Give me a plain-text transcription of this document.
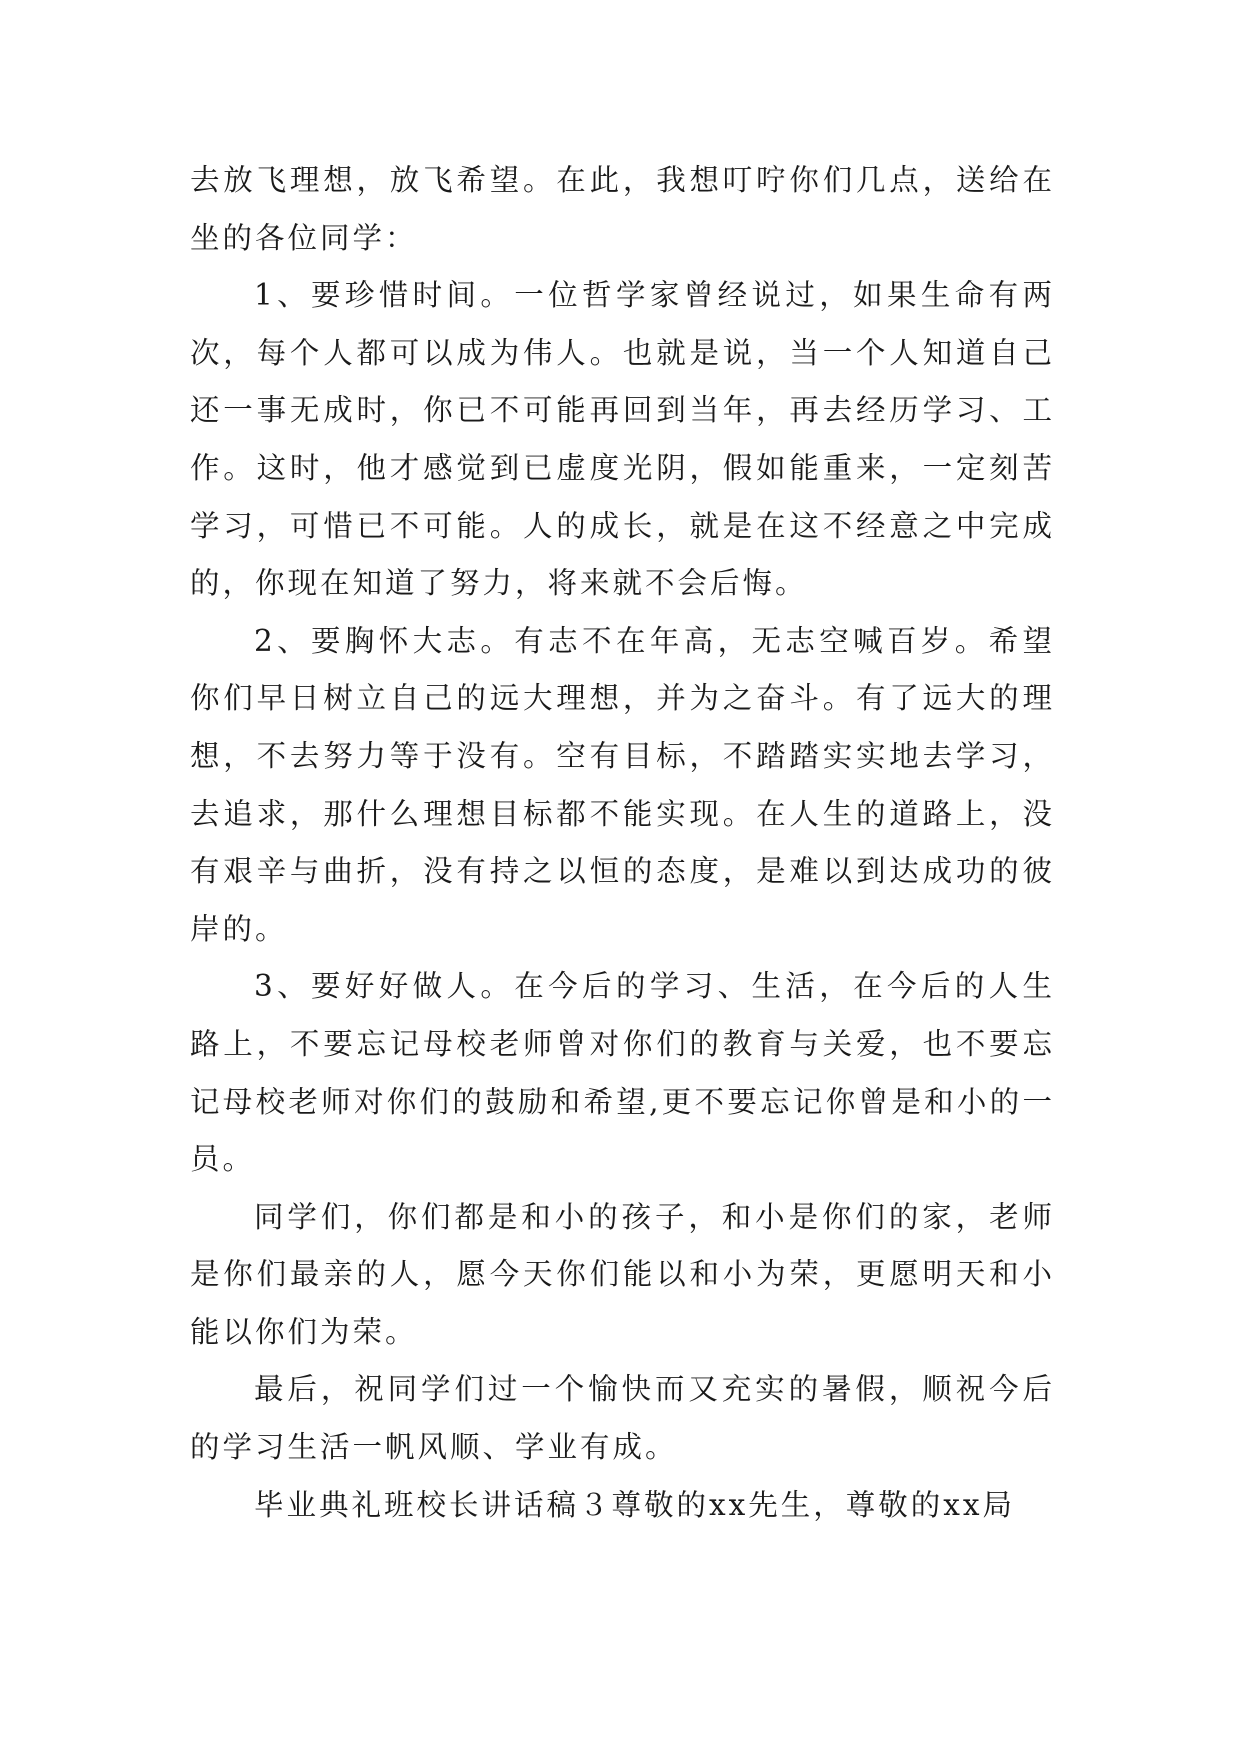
去放飞理想，放飞希望。在此，我想叮咛你们几点，送给在坐的各位同学：

1、要珍惜时间。一位哲学家曾经说过，如果生命有两次，每个人都可以成为伟人。也就是说，当一个人知道自己还一事无成时，你已不可能再回到当年，再去经历学习、工作。这时，他才感觉到已虚度光阴，假如能重来，一定刻苦学习，可惜已不可能。人的成长，就是在这不经意之中完成的，你现在知道了努力，将来就不会后悔。

2、要胸怀大志。有志不在年高，无志空喊百岁。希望你们早日树立自己的远大理想，并为之奋斗。有了远大的理想，不去努力等于没有。空有目标，不踏踏实实地去学习，去追求，那什么理想目标都不能实现。在人生的道路上，没有艰辛与曲折，没有持之以恒的态度，是难以到达成功的彼岸的。

3、要好好做人。在今后的学习、生活，在今后的人生路上，不要忘记母校老师曾对你们的教育与关爱，也不要忘记母校老师对你们的鼓励和希望,更不要忘记你曾是和小的一员。

同学们，你们都是和小的孩子，和小是你们的家，老师是你们最亲的人，愿今天你们能以和小为荣，更愿明天和小能以你们为荣。

最后，祝同学们过一个愉快而又充实的暑假，顺祝今后的学习生活一帆风顺、学业有成。

毕业典礼班校长讲话稿３尊敬的xx先生，尊敬的xx局
